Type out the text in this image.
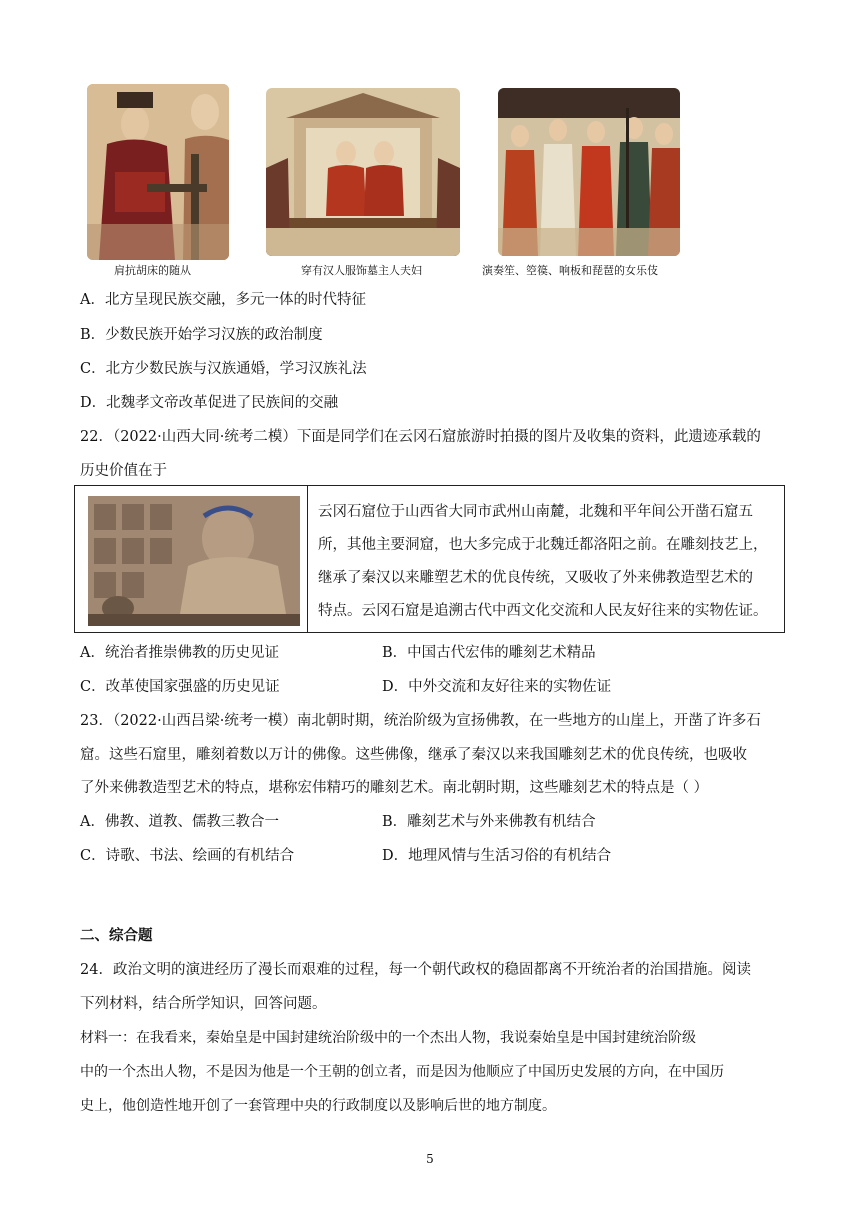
肩抗胡床的随从	穿有汉人服饰墓主人夫妇	演奏笙、箜篌、响板和琵琶的女乐伎
A．北方呈现民族交融，多元一体的时代特征
B．少数民族开始学习汉族的政治制度
C．北方少数民族与汉族通婚，学习汉族礼法
D．北魏孝文帝改革促进了民族间的交融
22．（2022·山西大同·统考二模）下面是同学们在云冈石窟旅游时拍摄的图片及收集的资料，此遗迹承载的
历史价值在于
云冈石窟位于山西省大同市武州山南麓，北魏和平年间公开凿石窟五
所，其他主要洞窟，也大多完成于北魏迁都洛阳之前。在雕刻技艺上，
继承了秦汉以来雕塑艺术的优良传统，又吸收了外来佛教造型艺术的
特点。云冈石窟是追溯古代中西文化交流和人民友好往来的实物佐证。
A．统治者推崇佛教的历史见证	B．中国古代宏伟的雕刻艺术精品
C．改革使国家强盛的历史见证	D．中外交流和友好往来的实物佐证
23．（2022·山西吕梁·统考一模）南北朝时期，统治阶级为宣扬佛教，在一些地方的山崖上，开凿了许多石
窟。这些石窟里，雕刻着数以万计的佛像。这些佛像，继承了秦汉以来我国雕刻艺术的优良传统，也吸收
了外来佛教造型艺术的特点，堪称宏伟精巧的雕刻艺术。南北朝时期，这些雕刻艺术的特点是（ ）
A．佛教、道教、儒教三教合一	B．雕刻艺术与外来佛教有机结合
C．诗歌、书法、绘画的有机结合	D．地理风情与生活习俗的有机结合
二、综合题
24．政治文明的演进经历了漫长而艰难的过程，每一个朝代政权的稳固都离不开统治者的治国措施。阅读
下列材料，结合所学知识，回答问题。
材料一：在我看来，秦始皇是中国封建统治阶级中的一个杰出人物，我说秦始皇是中国封建统治阶级
中的一个杰出人物，不是因为他是一个王朝的创立者，而是因为他顺应了中国历史发展的方向，在中国历
史上，他创造性地开创了一套管理中央的行政制度以及影响后世的地方制度。
5
